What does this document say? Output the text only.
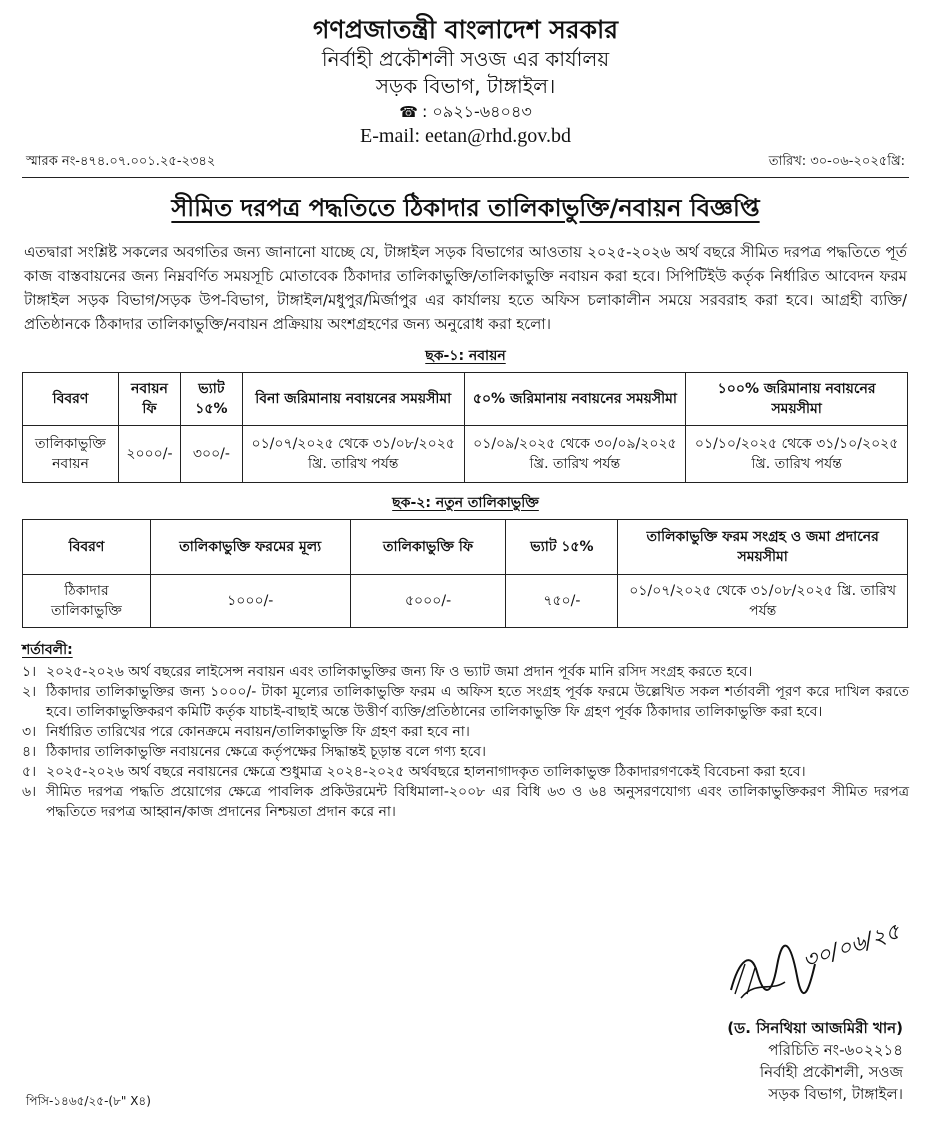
গণপ্রজাতন্ত্রী বাংলাদেশ সরকার
নির্বাহী প্রকৌশলী সওজ এর কার্যালয়
সড়ক বিভাগ, টাঙ্গাইল।
☎ : ০৯২১-৬৪০৪৩
E-mail: eetan@rhd.gov.bd
স্মারক নং-৪৭৪.০৭.০০১.২৫-২৩৪২	তারিখ: ৩০-০৬-২০২৫খ্রি:
সীমিত দরপত্র পদ্ধতিতে ঠিকাদার তালিকাভুক্তি/নবায়ন বিজ্ঞপ্তি
এতদ্বারা সংশ্লিষ্ট সকলের অবগতির জন্য জানানো যাচ্ছে যে, টাঙ্গাইল সড়ক বিভাগের আওতায় ২০২৫-২০২৬ অর্থ বছরে সীমিত দরপত্র পদ্ধতিতে পূর্ত কাজ বাস্তবায়নের জন্য নিম্নবর্ণিত সময়সূচি মোতাবেক ঠিকাদার তালিকাভুক্তি/তালিকাভুক্তি নবায়ন করা হবে। সিপিটিইউ কর্তৃক নির্ধারিত আবেদন ফরম টাঙ্গাইল সড়ক বিভাগ/সড়ক উপ-বিভাগ, টাঙ্গাইল/মধুপুর/মির্জাপুর এর কার্যালয় হতে অফিস চলাকালীন সময়ে সরবরাহ করা হবে। আগ্রহী ব্যক্তি/প্রতিষ্ঠানকে ঠিকাদার তালিকাভুক্তি/নবায়ন প্রক্রিয়ায় অংশগ্রহণের জন্য অনুরোধ করা হলো।
ছক-১: নবায়ন
বিবরণ	নবায়ন ফি	ভ্যাট ১৫%	বিনা জরিমানায় নবায়নের সময়সীমা	৫০% জরিমানায় নবায়নের সময়সীমা	১০০% জরিমানায় নবায়নের সময়সীমা
তালিকাভুক্তি নবায়ন	২০০০/-	৩০০/-	০১/০৭/২০২৫ থেকে ৩১/০৮/২০২৫ খ্রি. তারিখ পর্যন্ত	০১/০৯/২০২৫ থেকে ৩০/০৯/২০২৫ খ্রি. তারিখ পর্যন্ত	০১/১০/২০২৫ থেকে ৩১/১০/২০২৫ খ্রি. তারিখ পর্যন্ত
ছক-২: নতুন তালিকাভুক্তি
বিবরণ	তালিকাভুক্তি ফরমের মূল্য	তালিকাভুক্তি ফি	ভ্যাট ১৫%	তালিকাভুক্তি ফরম সংগ্রহ ও জমা প্রদানের সময়সীমা
ঠিকাদার তালিকাভুক্তি	১০০০/-	৫০০০/-	৭৫০/-	০১/০৭/২০২৫ থেকে ৩১/০৮/২০২৫ খ্রি. তারিখ পর্যন্ত
শর্তাবলী:
১। ২০২৫-২০২৬ অর্থ বছরের লাইসেন্স নবায়ন এবং তালিকাভুক্তির জন্য ফি ও ভ্যাট জমা প্রদান পূর্বক মানি রসিদ সংগ্রহ করতে হবে।
২। ঠিকাদার তালিকাভুক্তির জন্য ১০০০/- টাকা মূল্যের তালিকাভুক্তি ফরম এ অফিস হতে সংগ্রহ পূর্বক ফরমে উল্লেখিত সকল শর্তাবলী পূরণ করে দাখিল করতে হবে। তালিকাভুক্তিকরণ কমিটি কর্তৃক যাচাই-বাছাই অন্তে উত্তীর্ণ ব্যক্তি/প্রতিষ্ঠানের তালিকাভুক্তি ফি গ্রহণ পূর্বক ঠিকাদার তালিকাভুক্তি করা হবে।
৩। নির্ধারিত তারিখের পরে কোনক্রমে নবায়ন/তালিকাভুক্তি ফি গ্রহণ করা হবে না।
৪। ঠিকাদার তালিকাভুক্তি নবায়নের ক্ষেত্রে কর্তৃপক্ষের সিদ্ধান্তই চূড়ান্ত বলে গণ্য হবে।
৫। ২০২৫-২০২৬ অর্থ বছরে নবায়নের ক্ষেত্রে শুধুমাত্র ২০২৪-২০২৫ অর্থবছরে হালনাগাদকৃত তালিকাভুক্ত ঠিকাদারগণকেই বিবেচনা করা হবে।
৬। সীমিত দরপত্র পদ্ধতি প্রয়োগের ক্ষেত্রে পাবলিক প্রকিউরমেন্ট বিধিমালা-২০০৮ এর বিধি ৬৩ ও ৬৪ অনুসরণযোগ্য এবং তালিকাভুক্তিকরণ সীমিত দরপত্র পদ্ধতিতে দরপত্র আহ্বান/কাজ প্রদানের নিশ্চয়তা প্রদান করে না।
৩০/০৬/২৫
(ড. সিনথিয়া আজমিরী খান)
পরিচিতি নং-৬০২২১৪
নির্বাহী প্রকৌশলী, সওজ
সড়ক বিভাগ, টাঙ্গাইল।
পিসি-১৪৬৫/২৫-(৮" X৪)
